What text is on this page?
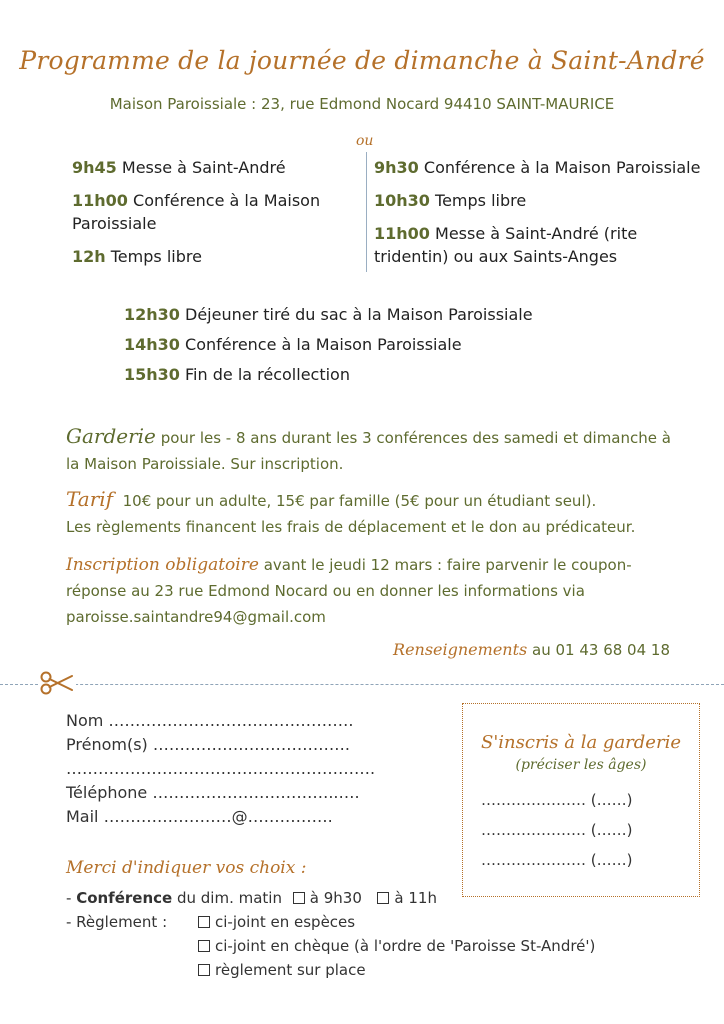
Programme de la journée de dimanche à Saint-André

Maison Paroissiale : 23, rue Edmond Nocard 94410 SAINT-MAURICE

ou
9h45 Messe à Saint-André
11h00 Conférence à la Maison Paroissiale
12h Temps libre
9h30 Conférence à la Maison Paroissiale
10h30 Temps libre
11h00 Messe à Saint-André (rite tridentin) ou aux Saints-Anges
12h30 Déjeuner tiré du sac à la Maison Paroissiale
14h30 Conférence à la Maison Paroissiale
15h30 Fin de la récollection

Garderie pour les - 8 ans durant les 3 conférences des samedi et dimanche à la Maison Paroissiale. Sur inscription.

Tarif 10€ pour un adulte, 15€ par famille (5€ pour un étudiant seul).
Les règlements financent les frais de déplacement et le don au prédicateur.

Inscription obligatoire avant le jeudi 12 mars : faire parvenir le coupon-réponse au 23 rue Edmond Nocard ou en donner les informations via paroisse.saintandre94@gmail.com

Renseignements au 01 43 68 04 18

Nom ……………………………………….
Prénom(s) ……………………………….
………………………………………………….
Téléphone ……………………………..….
Mail ……………………@…………….
S'inscris à la garderie
(préciser les âges)
………………… (……)
………………… (……)
………………… (……)
Merci d'indiquer vos choix :
- Conférence du dim. matin à 9h30 à 11h
- Règlement :	ci-joint en espèces
ci-joint en chèque (à l'ordre de 'Paroisse St-André')
règlement sur place
